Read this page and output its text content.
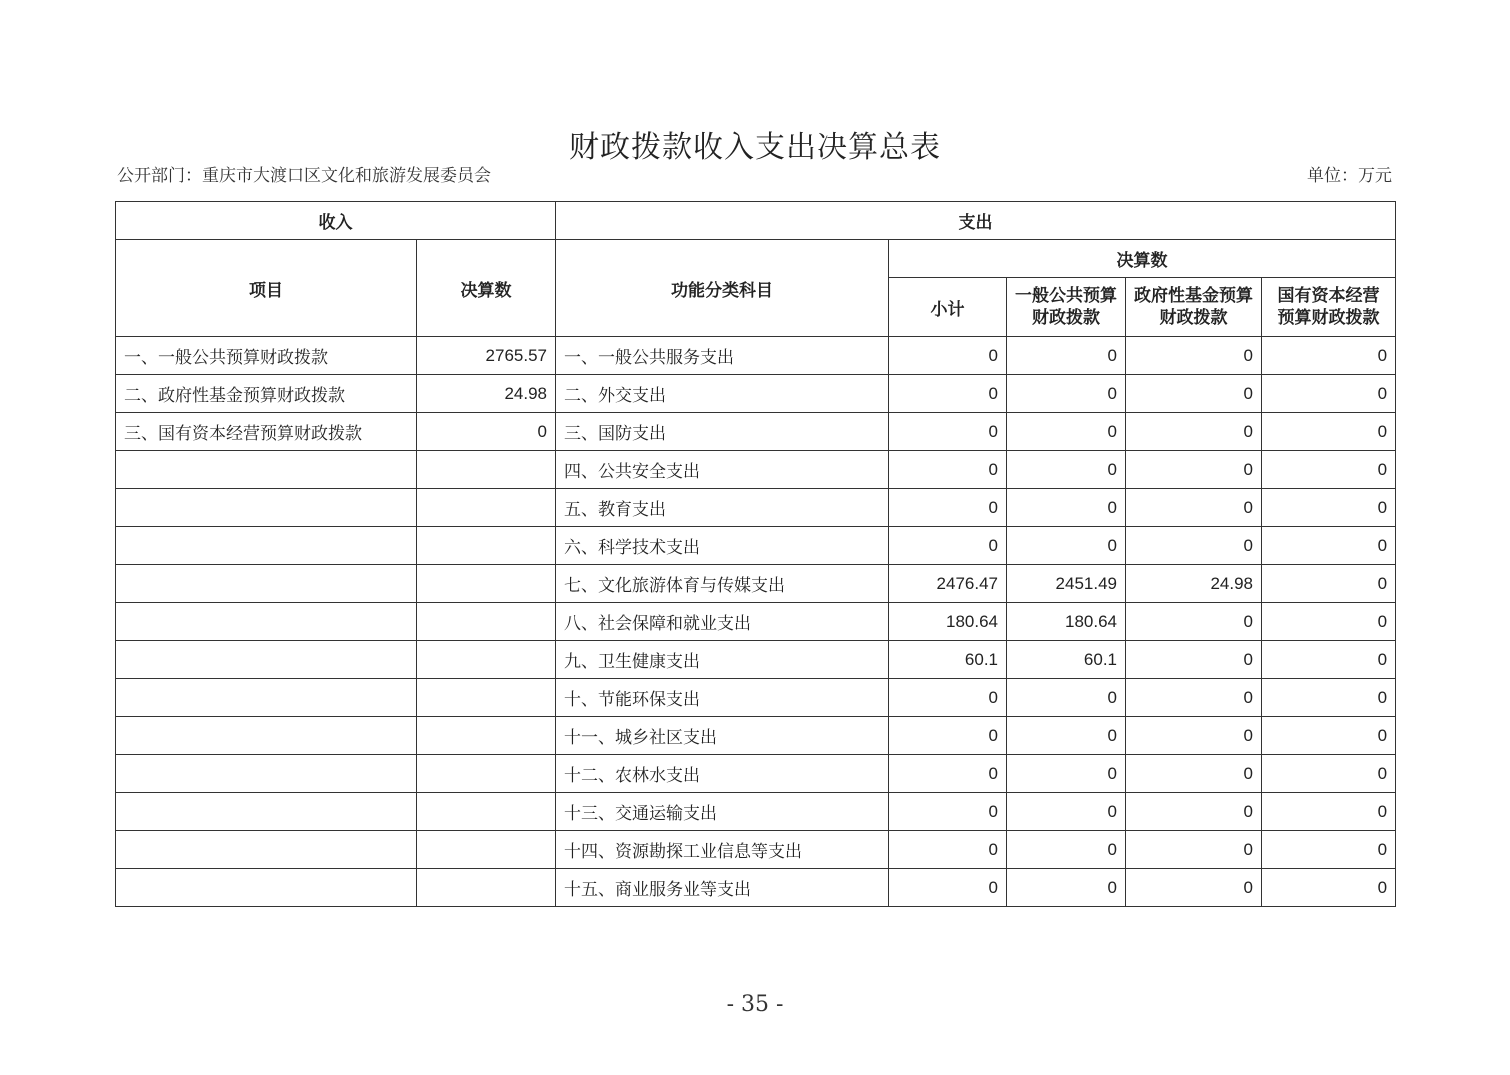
财政拨款收入支出决算总表
公开部门：重庆市大渡口区文化和旅游发展委员会	单位：万元
收入		支出				
项目	决算数	功能分类科目	决算数			
			小计	一般公共预算财政拨款	政府性基金预算财政拨款	国有资本经营预算财政拨款
一、一般公共预算财政拨款	2765.57	一、一般公共服务支出	0	0	0	0
二、政府性基金预算财政拨款	24.98	二、外交支出	0	0	0	0
三、国有资本经营预算财政拨款	0	三、国防支出	0	0	0	0
		四、公共安全支出	0	0	0	0
		五、教育支出	0	0	0	0
		六、科学技术支出	0	0	0	0
		七、文化旅游体育与传媒支出	2476.47	2451.49	24.98	0
		八、社会保障和就业支出	180.64	180.64	0	0
		九、卫生健康支出	60.1	60.1	0	0
		十、节能环保支出	0	0	0	0
		十一、城乡社区支出	0	0	0	0
		十二、农林水支出	0	0	0	0
		十三、交通运输支出	0	0	0	0
		十四、资源勘探工业信息等支出	0	0	0	0
		十五、商业服务业等支出	0	0	0	0
- 35 -
